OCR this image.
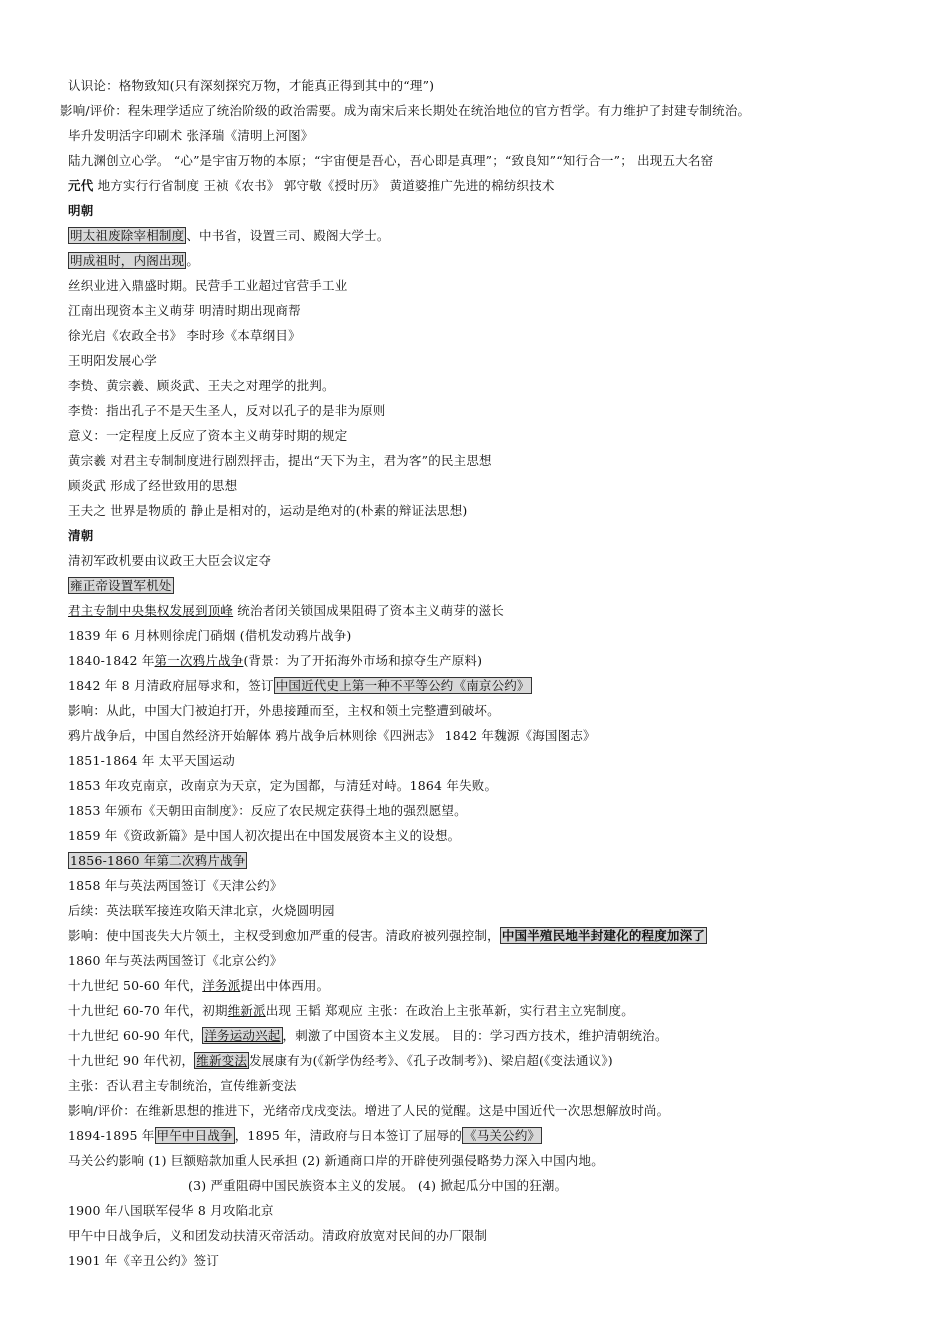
认识论：格物致知(只有深刻探究万物，才能真正得到其中的“理”)
影响/评价：程朱理学适应了统治阶级的政治需要。成为南宋后来长期处在统治地位的官方哲学。有力维护了封建专制统治。
毕升发明活字印刷术 张泽瑞《清明上河图》
陆九渊创立心学。 “心”是宇宙万物的本原；“宇宙便是吾心，吾心即是真理”；“致良知”“知行合一”； 出现五大名窑
元代 地方实行行省制度 王祯《农书》 郭守敬《授时历》 黄道婆推广先进的棉纺织技术
明朝
明太祖废除宰相制度 、中书省，设置三司、殿阁大学士。
明成祖时，内阁出现 。
丝织业进入鼎盛时期。民营手工业超过官营手工业
江南出现资本主义萌芽 明清时期出现商帮
徐光启《农政全书》 李时珍《本草纲目》
王明阳发展心学
李贽、黄宗羲、顾炎武、王夫之对理学的批判。
李贽：指出孔子不是天生圣人，反对以孔子的是非为原则
意义：一定程度上反应了资本主义萌芽时期的规定
黄宗羲 对君主专制制度进行剧烈抨击，提出“天下为主，君为客”的民主思想
顾炎武 形成了经世致用的思想
王夫之 世界是物质的 静止是相对的，运动是绝对的(朴素的辩证法思想)
清朝
清初军政机要由议政王大臣会议定夺
雍正帝设置军机处
君主专制中央集权发展到顶峰 统治者闭关锁国成果阻碍了资本主义萌芽的滋长
1839 年 6 月林则徐虎门硝烟 (借机发动鸦片战争)
1840-1842 年第一次鸦片战争(背景：为了开拓海外市场和掠夺生产原料)
1842 年 8 月清政府屈辱求和，签订 中国近代史上第一种不平等公约《南京公约》
影响：从此，中国大门被迫打开，外患接踵而至，主权和领土完整遭到破坏。
鸦片战争后，中国自然经济开始解体 鸦片战争后林则徐《四洲志》 1842 年魏源《海国图志》
1851-1864 年 太平天国运动
1853 年攻克南京，改南京为天京，定为国都，与清廷对峙。1864 年失败。
1853 年颁布《天朝田亩制度》：反应了农民规定获得土地的强烈愿望。
1859 年《资政新篇》是中国人初次提出在中国发展资本主义的设想。
1856-1860 年第二次鸦片战争
1858 年与英法两国签订《天津公约》
后续：英法联军接连攻陷天津北京，火烧圆明园
影响：使中国丧失大片领土，主权受到愈加严重的侵害。清政府被列强控制， 中国半殖民地半封建化的程度加深了
1860 年与英法两国签订《北京公约》
十九世纪 50-60 年代，洋务派提出中体西用。
十九世纪 60-70 年代，初期维新派出现 王韬 郑观应 主张：在政治上主张革新，实行君主立宪制度。
十九世纪 60-90 年代， 洋务运动兴起 ，刺激了中国资本主义发展。 目的：学习西方技术，维护清朝统治。
十九世纪 90 年代初， 维新变法 发展康有为(《新学伪经考》、《孔子改制考》)、梁启超(《变法通议》)
主张：否认君主专制统治，宣传维新变法
影响/评价：在维新思想的推进下，光绪帝戊戌变法。增进了人民的觉醒。这是中国近代一次思想解放时尚。
1894-1895 年 甲午中日战争 ，1895 年，清政府与日本签订了屈辱的 《马关公约》
马关公约影响 (1) 巨额赔款加重人民承担 (2) 新通商口岸的开辟使列强侵略势力深入中国内地。
(3) 严重阻碍中国民族资本主义的发展。 (4) 掀起瓜分中国的狂潮。
1900 年八国联军侵华 8 月攻陷北京
甲午中日战争后，义和团发动扶清灭帝活动。清政府放宽对民间的办厂限制
1901 年《辛丑公约》签订
